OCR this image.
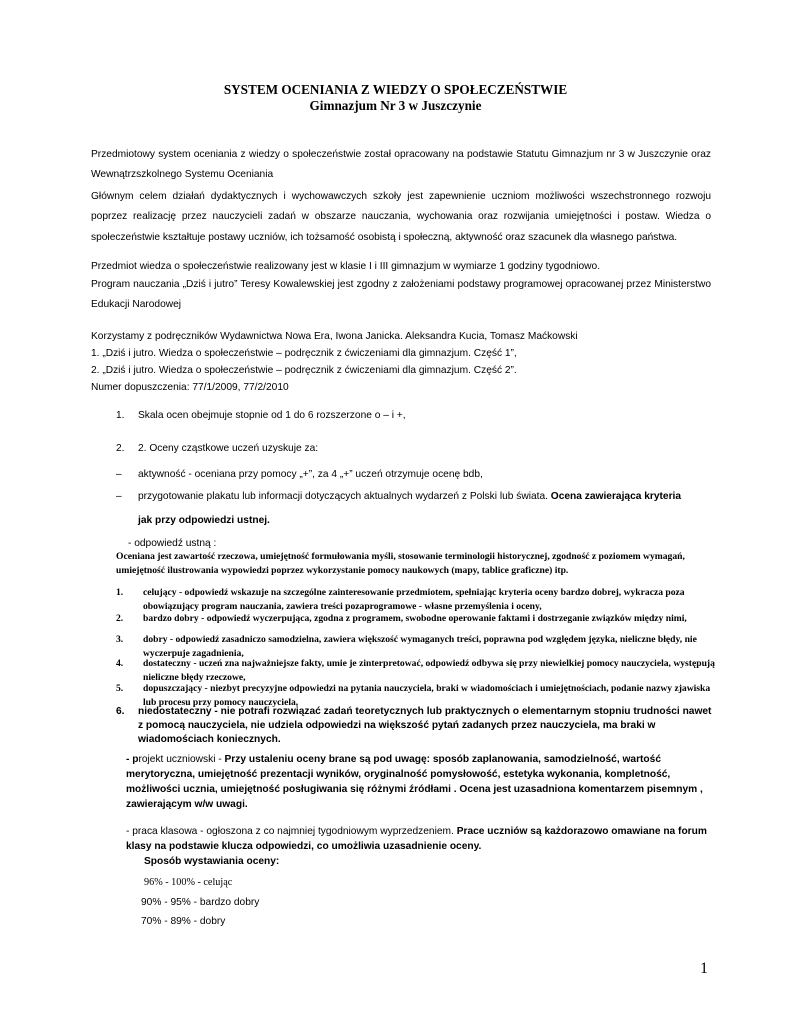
SYSTEM OCENIANIA Z WIEDZY O SPOŁECZEŃSTWIE
Gimnazjum Nr 3 w Juszczynie

Przedmiotowy system oceniania z wiedzy o społeczeństwie został opracowany na podstawie Statutu Gimnazjum nr 3 w Juszczynie oraz Wewnątrzszkolnego Systemu Oceniania

Głównym celem działań dydaktycznych i wychowawczych szkoły jest zapewnienie uczniom możliwości wszechstronnego rozwoju poprzez realizację przez nauczycieli zadań w obszarze nauczania, wychowania oraz rozwijania umiejętności i postaw. Wiedza o społeczeństwie kształtuje postawy uczniów, ich tożsamość osobistą i społeczną, aktywność oraz szacunek dla własnego państwa.

Przedmiot wiedza o społeczeństwie realizowany jest w klasie I i III gimnazjum w wymiarze 1 godziny tygodniowo.

Program nauczania „Dziś i jutro” Teresy Kowalewskiej jest zgodny z założeniami podstawy programowej opracowanej przez Ministerstwo Edukacji Narodowej

Korzystamy z podręczników Wydawnictwa Nowa Era, Iwona Janicka. Aleksandra Kucia, Tomasz Maćkowski

1. „Dziś i jutro. Wiedza o społeczeństwie – podręcznik z ćwiczeniami dla gimnazjum. Część 1”,

2. „Dziś i jutro. Wiedza o społeczeństwie – podręcznik z ćwiczeniami dla gimnazjum. Część 2”.

Numer dopuszczenia: 77/1/2009, 77/2/2010

1. Skala ocen obejmuje stopnie od 1 do 6 rozszerzone o – i +,
2. 2. Oceny cząstkowe uczeń uzyskuje za:
– aktywność - oceniana przy pomocy „+”, za 4 „+” uczeń otrzymuje ocenę bdb,
– przygotowanie plakatu lub informacji dotyczących aktualnych wydarzeń z Polski lub świata. Ocena zawierająca kryteria
jak przy odpowiedzi ustnej.
- odpowiedź ustną :

Oceniana jest zawartość rzeczowa, umiejętność formułowania myśli, stosowanie terminologii historycznej, zgodność z poziomem wymagań, umiejętność ilustrowania wypowiedzi poprzez wykorzystanie pomocy naukowych (mapy, tablice graficzne) itp.

1. celujący - odpowiedź wskazuje na szczególne zainteresowanie przedmiotem, spełniając kryteria oceny bardzo dobrej, wykracza poza obowiązujący program nauczania, zawiera treści pozaprogramowe - własne przemyślenia i oceny,
2. bardzo dobry - odpowiedź wyczerpująca, zgodna z programem, swobodne operowanie faktami i dostrzeganie związków między nimi,
3. dobry - odpowiedź zasadniczo samodzielna, zawiera większość wymaganych treści, poprawna pod względem języka, nieliczne błędy, nie wyczerpuje zagadnienia,
4. dostateczny - uczeń zna najważniejsze fakty, umie je zinterpretować, odpowiedź odbywa się przy niewielkiej pomocy nauczyciela, występują nieliczne błędy rzeczowe,
5. dopuszczający - niezbyt precyzyjne odpowiedzi na pytania nauczyciela, braki w wiadomościach i umiejętnościach, podanie nazwy zjawiska lub procesu przy pomocy nauczyciela,
6. niedostateczny - nie potrafi rozwiązać zadań teoretycznych lub praktycznych o elementarnym stopniu trudności nawet z pomocą nauczyciela, nie udziela odpowiedzi na większość pytań zadanych przez nauczyciela, ma braki w wiadomościach koniecznych.

- projekt uczniowski - Przy ustaleniu oceny brane są pod uwagę: sposób zaplanowania, samodzielność, wartość merytoryczna, umiejętność prezentacji wyników, oryginalność pomysłowość, estetyka wykonania, kompletność, możliwości ucznia, umiejętność posługiwania się różnymi źródłami . Ocena jest uzasadniona komentarzem pisemnym , zawierającym w/w uwagi.

- praca klasowa - ogłoszona z co najmniej tygodniowym wyprzedzeniem. Prace uczniów są każdorazowo omawiane na forum klasy na podstawie klucza odpowiedzi, co umożliwia uzasadnienie oceny.

Sposób wystawiania oceny:
96% - 100% - celując
90% - 95% - bardzo dobry
70% - 89% - dobry
1
